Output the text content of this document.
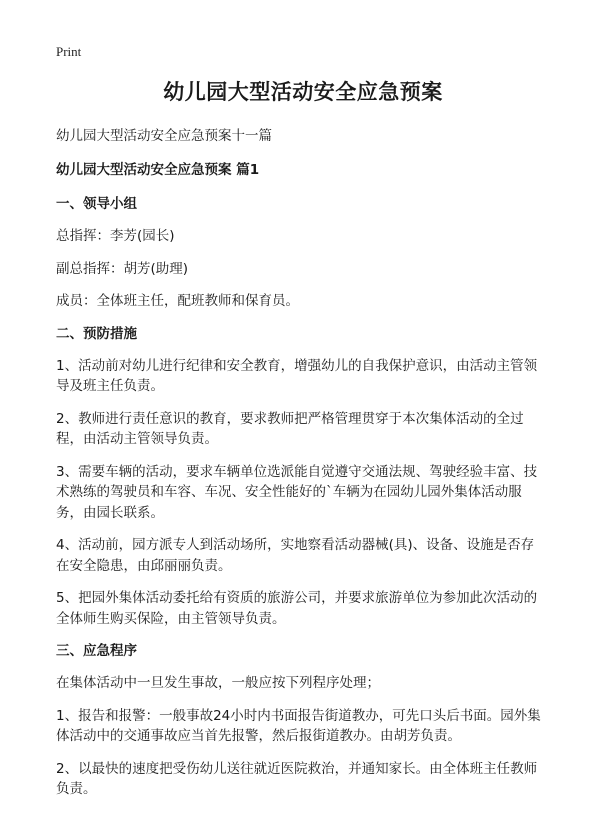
Print
幼儿园大型活动安全应急预案
幼儿园大型活动安全应急预案十一篇
幼儿园大型活动安全应急预案 篇1
一、领导小组
总指挥：李芳(园长)
副总指挥：胡芳(助理)
成员：全体班主任，配班教师和保育员。
二、预防措施
1、活动前对幼儿进行纪律和安全教育，增强幼儿的自我保护意识，由活动主管领导及班主任负责。
2、教师进行责任意识的教育，要求教师把严格管理贯穿于本次集体活动的全过程，由活动主管领导负责。
3、需要车辆的活动，要求车辆单位选派能自觉遵守交通法规、驾驶经验丰富、技术熟练的驾驶员和车容、车况、安全性能好的`车辆为在园幼儿园外集体活动服务，由园长联系。
4、活动前，园方派专人到活动场所，实地察看活动器械(具)、设备、设施是否存在安全隐患，由邱丽丽负责。
5、把园外集体活动委托给有资质的旅游公司，并要求旅游单位为参加此次活动的全体师生购买保险，由主管领导负责。
三、应急程序
在集体活动中一旦发生事故，一般应按下列程序处理；
1、报告和报警：一般事故24小时内书面报告街道教办，可先口头后书面。园外集体活动中的交通事故应当首先报警，然后报街道教办。由胡芳负责。
2、以最快的速度把受伤幼儿送往就近医院救治，并通知家长。由全体班主任教师负责。
